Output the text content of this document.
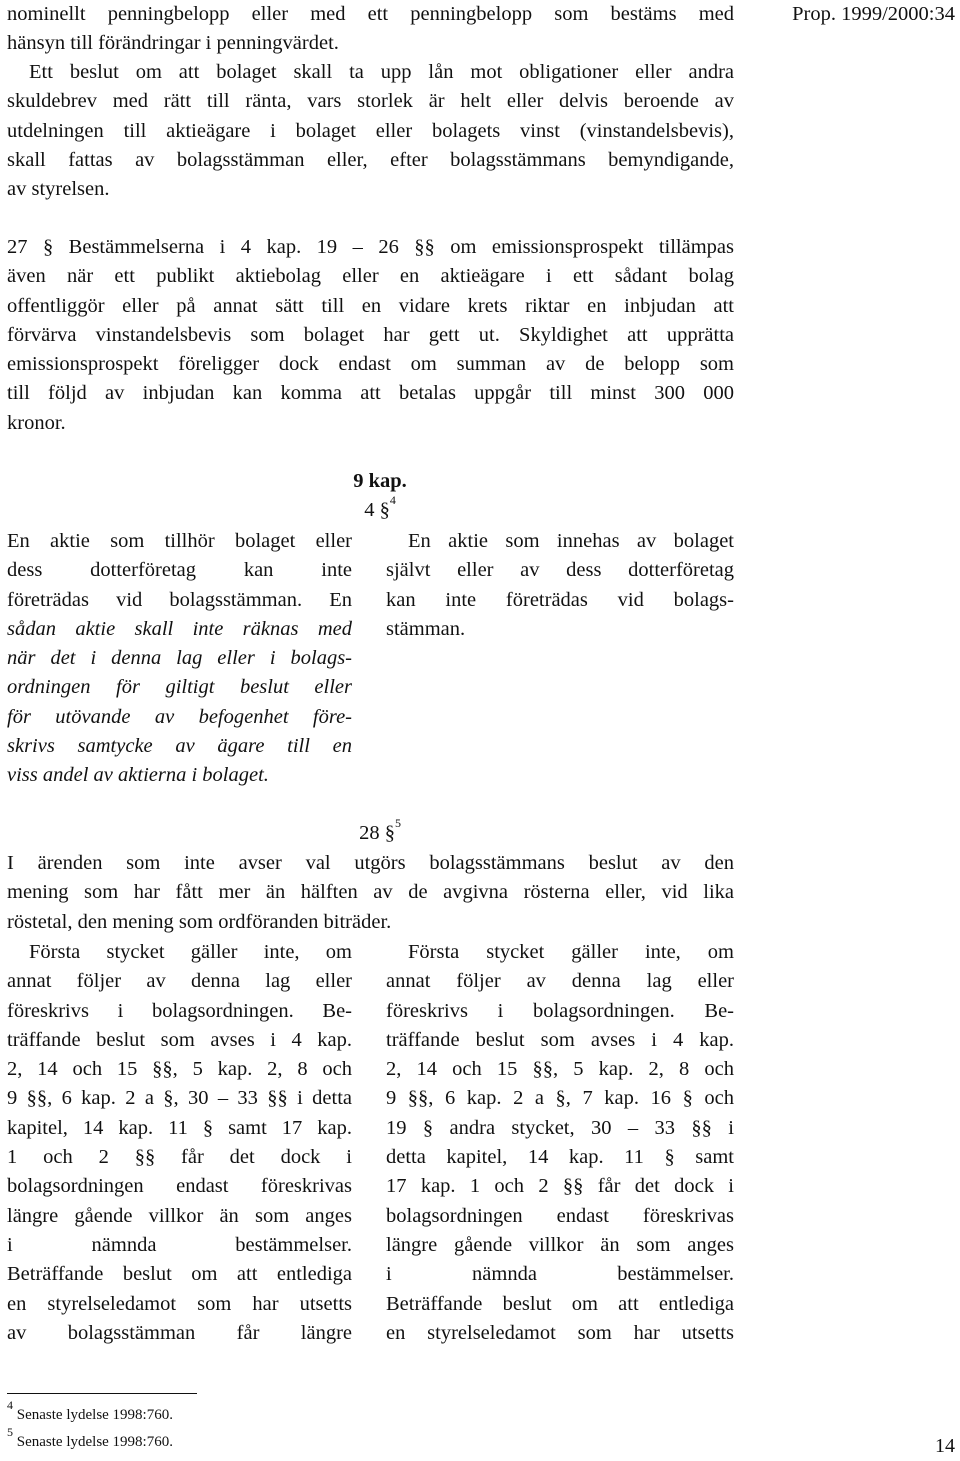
Prop. 1999/2000:34
nominellt penningbelopp eller med ett penningbelopp som bestäms med
hänsyn till förändringar i penningvärdet.
Ett beslut om att bolaget skall ta upp lån mot obligationer eller andra
skuldebrev med rätt till ränta, vars storlek är helt eller delvis beroende av
utdelningen till aktieägare i bolaget eller bolagets vinst (vinstandelsbevis),
skall fattas av bolagsstämman eller, efter bolagsstämmans bemyndigande,
av styrelsen.
27 § Bestämmelserna i 4 kap. 19 – 26 §§ om emissionsprospekt tillämpas
även när ett publikt aktiebolag eller en aktieägare i ett sådant bolag
offentliggör eller på annat sätt till en vidare krets riktar en inbjudan att
förvärva vinstandelsbevis som bolaget har gett ut. Skyldighet att upprätta
emissionsprospekt föreligger dock endast om summan av de belopp som
till följd av inbjudan kan komma att betalas uppgår till minst 300 000
kronor.
9 kap.
4 §$^4$
En aktie som tillhör bolaget eller
dess dotterföretag kan inte
företrädas vid bolagsstämman. En
sådan aktie skall inte räknas med
när det i denna lag eller i bolags-
ordningen för giltigt beslut eller
för utövande av befogenhet före-
skrivs samtycke av ägare till en
viss andel av aktierna i bolaget.
En aktie som innehas av bolaget
självt eller av dess dotterföretag
kan inte företrädas vid bolags-
stämman.
28 §$^5$
I ärenden som inte avser val utgörs bolagsstämmans beslut av den
mening som har fått mer än hälften av de avgivna rösterna eller, vid lika
röstetal, den mening som ordföranden biträder.
Första stycket gäller inte, om
annat följer av denna lag eller
föreskrivs i bolagsordningen. Be-
träffande beslut som avses i 4 kap.
2, 14 och 15 §§, 5 kap. 2, 8 och
9 §§, 6 kap. 2 a §, 30 – 33 §§ i detta
kapitel, 14 kap. 11 § samt 17 kap.
1 och 2 §§ får det dock i
bolagsordningen endast föreskrivas
längre gående villkor än som anges
i nämnda bestämmelser.
Beträffande beslut om att entlediga
en styrelseledamot som har utsetts
av bolagsstämman får längre
Första stycket gäller inte, om
annat följer av denna lag eller
föreskrivs i bolagsordningen. Be-
träffande beslut som avses i 4 kap.
2, 14 och 15 §§, 5 kap. 2, 8 och
9 §§, 6 kap. 2 a §, 7 kap. 16 § och
19 § andra stycket, 30 – 33 §§ i
detta kapitel, 14 kap. 11 § samt
17 kap. 1 och 2 §§ får det dock i
bolagsordningen endast föreskrivas
längre gående villkor än som anges
i nämnda bestämmelser.
Beträffande beslut om att entlediga
en styrelseledamot som har utsetts
$^4$ Senaste lydelse 1998:760.
$^5$ Senaste lydelse 1998:760.	14
